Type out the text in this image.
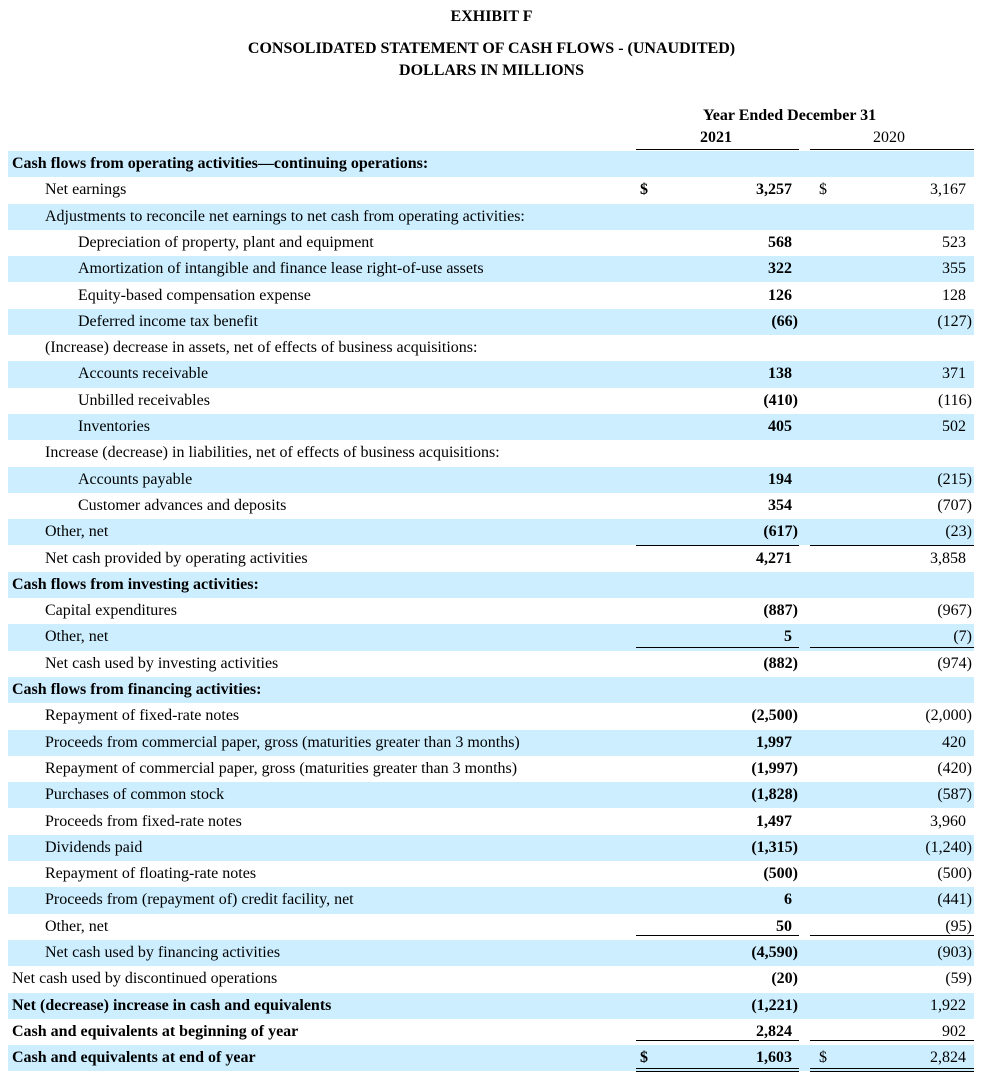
EXHIBIT F
CONSOLIDATED STATEMENT OF CASH FLOWS - (UNAUDITED)
DOLLARS IN MILLIONS
Year Ended December 31
2021	2020
Cash flows from operating activities—continuing operations:
Net earnings	$	3,257 $	3,167
Adjustments to reconcile net earnings to net cash from operating activities:
Depreciation of property, plant and equipment	568	523
Amortization of intangible and finance lease right-of-use assets	322	355
Equity-based compensation expense	126	128
Deferred income tax benefit	(66)	(127)
(Increase) decrease in assets, net of effects of business acquisitions:
Accounts receivable	138	371
Unbilled receivables	(410)	(116)
Inventories	405	502
Increase (decrease) in liabilities, net of effects of business acquisitions:
Accounts payable	194	(215)
Customer advances and deposits	354	(707)
Other, net	(617)	(23)
Net cash provided by operating activities	4,271	3,858
Cash flows from investing activities:
Capital expenditures	(887)	(967)
Other, net	5	(7)
Net cash used by investing activities	(882)	(974)
Cash flows from financing activities:
Repayment of fixed-rate notes	(2,500)	(2,000)
Proceeds from commercial paper, gross (maturities greater than 3 months)	1,997	420
Repayment of commercial paper, gross (maturities greater than 3 months)	(1,997)	(420)
Purchases of common stock	(1,828)	(587)
Proceeds from fixed-rate notes	1,497	3,960
Dividends paid	(1,315)	(1,240)
Repayment of floating-rate notes	(500)	(500)
Proceeds from (repayment of) credit facility, net	6	(441)
Other, net	50	(95)
Net cash used by financing activities	(4,590)	(903)
Net cash used by discontinued operations	(20)	(59)
Net (decrease) increase in cash and equivalents	(1,221)	1,922
Cash and equivalents at beginning of year	2,824	902
Cash and equivalents at end of year	$	1,603 $	2,824
